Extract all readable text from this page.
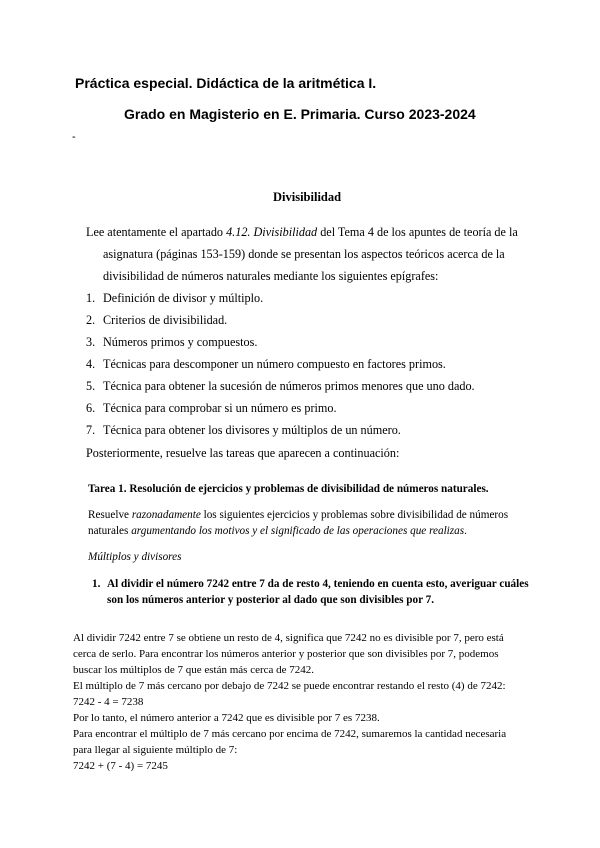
Práctica especial. Didáctica de la aritmética I.

Grado en Magisterio en E. Primaria. Curso 2023-2024

-

Divisibilidad

Lee atentamente el apartado 4.12. Divisibilidad del Tema 4 de los apuntes de teoría de la

asignatura (páginas 153-159) donde se presentan los aspectos teóricos acerca de la

divisibilidad de números naturales mediante los siguientes epígrafes:

1. Definición de divisor y múltiplo.
2. Criterios de divisibilidad.
3. Números primos y compuestos.
4. Técnicas para descomponer un número compuesto en factores primos.
5. Técnica para obtener la sucesión de números primos menores que uno dado.
6. Técnica para comprobar si un número es primo.
7. Técnica para obtener los divisores y múltiplos de un número.

Posteriormente, resuelve las tareas que aparecen a continuación:

Tarea 1. Resolución de ejercicios y problemas de divisibilidad de números naturales.

Resuelve razonadamente los siguientes ejercicios y problemas sobre divisibilidad de números

naturales argumentando los motivos y el significado de las operaciones que realizas.

Múltiplos y divisores

1. Al dividir el número 7242 entre 7 da de resto 4, teniendo en cuenta esto, averiguar cuáles

son los números anterior y posterior al dado que son divisibles por 7.

Al dividir 7242 entre 7 se obtiene un resto de 4, significa que 7242 no es divisible por 7, pero está
cerca de serlo. Para encontrar los números anterior y posterior que son divisibles por 7, podemos
buscar los múltiplos de 7 que están más cerca de 7242.
El múltiplo de 7 más cercano por debajo de 7242 se puede encontrar restando el resto (4) de 7242:
7242 - 4 = 7238
Por lo tanto, el número anterior a 7242 que es divisible por 7 es 7238.
Para encontrar el múltiplo de 7 más cercano por encima de 7242, sumaremos la cantidad necesaria
para llegar al siguiente múltiplo de 7:
7242 + (7 - 4) = 7245
